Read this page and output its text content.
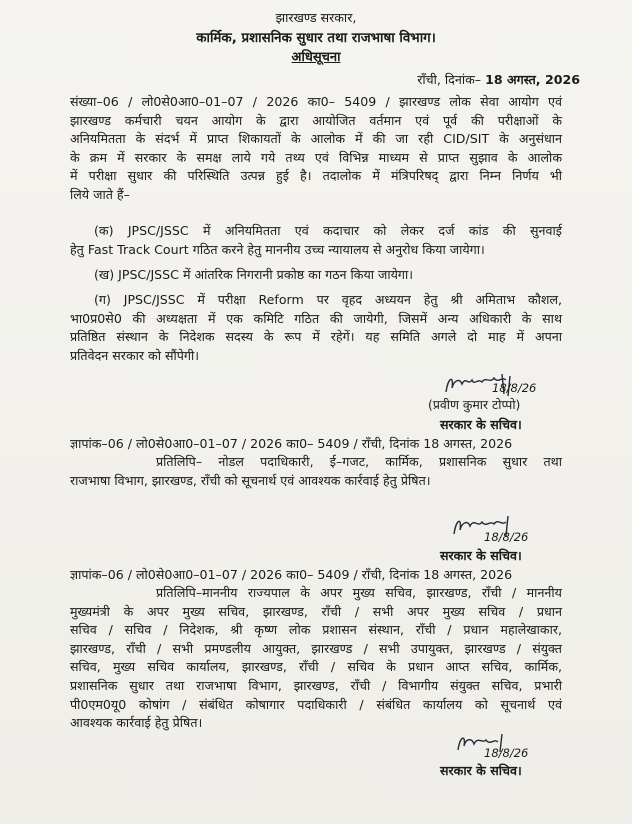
झारखण्ड सरकार,
कार्मिक, प्रशासनिक सुधार तथा राजभाषा विभाग।
अधिसूचना
राँची, दिनांक– 18 अगस्त, 2026
संख्या–06 / लो0से0आ0–01–07 / 2026 का0– 5409 / झारखण्ड लोक सेवा आयोग एवं
झारखण्ड कर्मचारी चयन आयोग के द्वारा आयोजित वर्तमान एवं पूर्व की परीक्षाओं के
अनियमितता के संदर्भ में प्राप्त शिकायतों के आलोक में की जा रही CID/SIT के अनुसंधान
के क्रम में सरकार के समक्ष लाये गये तथ्य एवं विभिन्न माध्यम से प्राप्त सुझाव के आलोक
में परीक्षा सुधार की परिस्थिति उत्पन्न हुई है। तदालोक में मंत्रिपरिषद् द्वारा निम्न निर्णय भी
लिये जाते हैं–
(क) JPSC/JSSC में अनियमितता एवं कदाचार को लेकर दर्ज कांड की सुनवाई
हेतु Fast Track Court गठित करने हेतु माननीय उच्च न्यायालय से अनुरोध किया जायेगा।
(ख) JPSC/JSSC में आंतरिक निगरानी प्रकोष्ठ का गठन किया जायेगा।
(ग) JPSC/JSSC में परीक्षा Reform पर वृहद अध्ययन हेतु श्री अमिताभ कौशल,
भा0प्र0से0 की अध्यक्षता में एक कमिटि गठित की जायेगी, जिसमें अन्य अधिकारी के साथ
प्रतिष्ठित संस्थान के निदेशक सदस्य के रूप में रहेगें। यह समिति अगले दो माह में अपना
प्रतिवेदन सरकार को सौंपेगी।
18/8/26
(प्रवीण कुमार टोप्पो)
सरकार के सचिव।
ज्ञापांक–06 / लो0से0आ0–01–07 / 2026 का0– 5409 / राँची, दिनांक 18 अगस्त, 2026
प्रतिलिपि– नोडल पदाधिकारी, ई–गजट, कार्मिक, प्रशासनिक सुधार तथा
राजभाषा विभाग, झारखण्ड, राँची को सूचनार्थ एवं आवश्यक कार्रवाई हेतु प्रेषित।
18/8/26
सरकार के सचिव।
ज्ञापांक–06 / लो0से0आ0–01–07 / 2026 का0– 5409 / राँची, दिनांक 18 अगस्त, 2026
प्रतिलिपि–माननीय राज्यपाल के अपर मुख्य सचिव, झारखण्ड, राँची / माननीय
मुख्यमंत्री के अपर मुख्य सचिव, झारखण्ड, राँची / सभी अपर मुख्य सचिव / प्रधान
सचिव / सचिव / निदेशक, श्री कृष्ण लोक प्रशासन संस्थान, राँची / प्रधान महालेखाकार,
झारखण्ड, राँची / सभी प्रमण्डलीय आयुक्त, झारखण्ड / सभी उपायुक्त, झारखण्ड / संयुक्त
सचिव, मुख्य सचिव कार्यालय, झारखण्ड, राँची / सचिव के प्रधान आप्त सचिव, कार्मिक,
प्रशासनिक सुधार तथा राजभाषा विभाग, झारखण्ड, राँची / विभागीय संयुक्त सचिव, प्रभारी
पी0एम0यू0 कोषांग / संबंधित कोषागार पदाधिकारी / संबंधित कार्यालय को सूचनार्थ एवं
आवश्यक कार्रवाई हेतु प्रेषित।
18/8/26
सरकार के सचिव।
